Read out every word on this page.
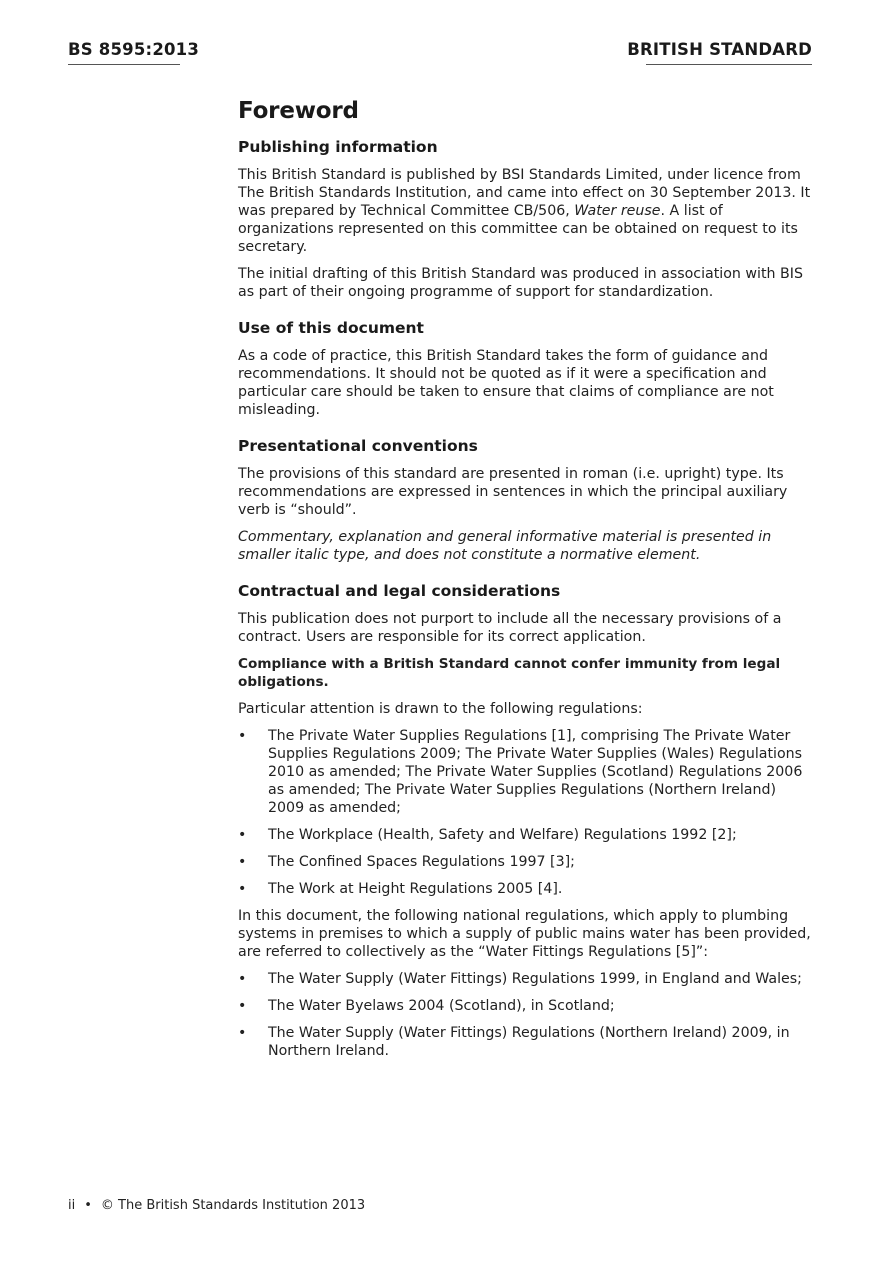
BS 8595:2013	BRITISH STANDARD
Foreword
Publishing information

This British Standard is published by BSI Standards Limited, under licence from The British Standards Institution, and came into effect on 30 September 2013. It was prepared by Technical Committee CB/506, Water reuse. A list of organizations represented on this committee can be obtained on request to its secretary.

The initial drafting of this British Standard was produced in association with BIS as part of their ongoing programme of support for standardization.

Use of this document

As a code of practice, this British Standard takes the form of guidance and recommendations. It should not be quoted as if it were a specification and particular care should be taken to ensure that claims of compliance are not misleading.

Presentational conventions

The provisions of this standard are presented in roman (i.e. upright) type. Its recommendations are expressed in sentences in which the principal auxiliary verb is “should”.

Commentary, explanation and general informative material is presented in smaller italic type, and does not constitute a normative element.

Contractual and legal considerations

This publication does not purport to include all the necessary provisions of a contract. Users are responsible for its correct application.

Compliance with a British Standard cannot confer immunity from legal obligations.

Particular attention is drawn to the following regulations:

• The Private Water Supplies Regulations [1], comprising The Private Water Supplies Regulations 2009; The Private Water Supplies (Wales) Regulations 2010 as amended; The Private Water Supplies (Scotland) Regulations 2006 as amended; The Private Water Supplies Regulations (Northern Ireland) 2009 as amended;
• The Workplace (Health, Safety and Welfare) Regulations 1992 [2];
• The Confined Spaces Regulations 1997 [3];
• The Work at Height Regulations 2005 [4].

In this document, the following national regulations, which apply to plumbing systems in premises to which a supply of public mains water has been provided, are referred to collectively as the “Water Fittings Regulations [5]”:

• The Water Supply (Water Fittings) Regulations 1999, in England and Wales;
• The Water Byelaws 2004 (Scotland), in Scotland;
• The Water Supply (Water Fittings) Regulations (Northern Ireland) 2009, in Northern Ireland.
ii • © The British Standards Institution 2013
